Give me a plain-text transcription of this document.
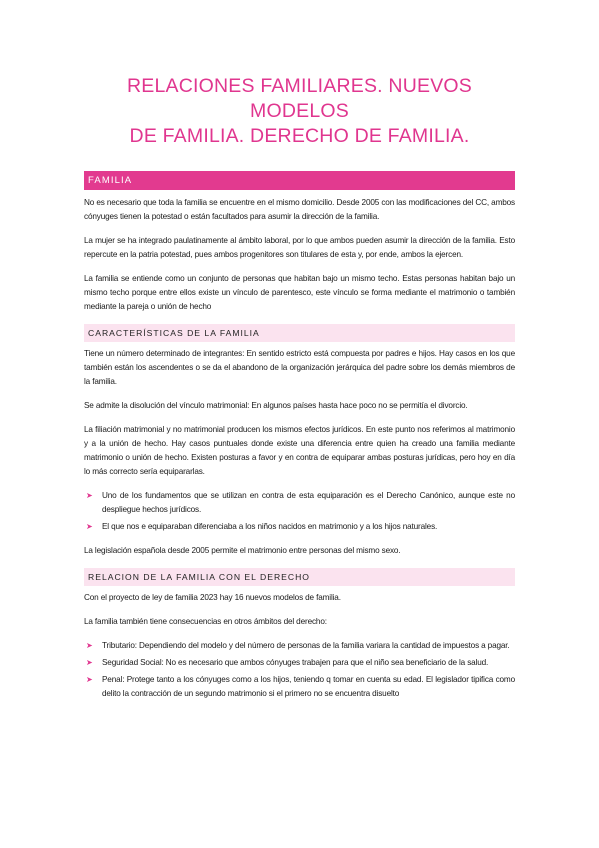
RELACIONES FAMILIARES. NUEVOS MODELOS
DE FAMILIA. DERECHO DE FAMILIA.
FAMILIA

No es necesario que toda la familia se encuentre en el mismo domicilio. Desde 2005 con las modificaciones del CC, ambos cónyuges tienen la potestad o están facultados para asumir la dirección de la familia.

La mujer se ha integrado paulatinamente al ámbito laboral, por lo que ambos pueden asumir la dirección de la familia. Esto repercute en la patria potestad, pues ambos progenitores son titulares de esta y, por ende, ambos la ejercen.

La familia se entiende como un conjunto de personas que habitan bajo un mismo techo. Estas personas habitan bajo un mismo techo porque entre ellos existe un vínculo de parentesco, este vínculo se forma mediante el matrimonio o también mediante la pareja o unión de hecho

CARACTERÍSTICAS DE LA FAMILIA

Tiene un número determinado de integrantes: En sentido estricto está compuesta por padres e hijos. Hay casos en los que también están los ascendentes o se da el abandono de la organización jerárquica del padre sobre los demás miembros de la familia.

Se admite la disolución del vínculo matrimonial: En algunos países hasta hace poco no se permitía el divorcio.

La filiación matrimonial y no matrimonial producen los mismos efectos jurídicos. En este punto nos referimos al matrimonio y a la unión de hecho. Hay casos puntuales donde existe una diferencia entre quien ha creado una familia mediante matrimonio o unión de hecho. Existen posturas a favor y en contra de equiparar ambas posturas jurídicas, pero hoy en día lo más correcto sería equipararlas.

➤ Uno de los fundamentos que se utilizan en contra de esta equiparación es el Derecho Canónico, aunque este no despliegue hechos jurídicos.
➤ El que nos e equiparaban diferenciaba a los niños nacidos en matrimonio y a los hijos naturales.

La legislación española desde 2005 permite el matrimonio entre personas del mismo sexo.

RELACION DE LA FAMILIA CON EL DERECHO

Con el proyecto de ley de familia 2023 hay 16 nuevos modelos de familia.

La familia también tiene consecuencias en otros ámbitos del derecho:

➤ Tributario: Dependiendo del modelo y del número de personas de la familia variara la cantidad de impuestos a pagar.
➤ Seguridad Social: No es necesario que ambos cónyuges trabajen para que el niño sea beneficiario de la salud.
➤ Penal: Protege tanto a los cónyuges como a los hijos, teniendo q tomar en cuenta su edad. El legislador tipifica como delito la contracción de un segundo matrimonio si el primero no se encuentra disuelto
